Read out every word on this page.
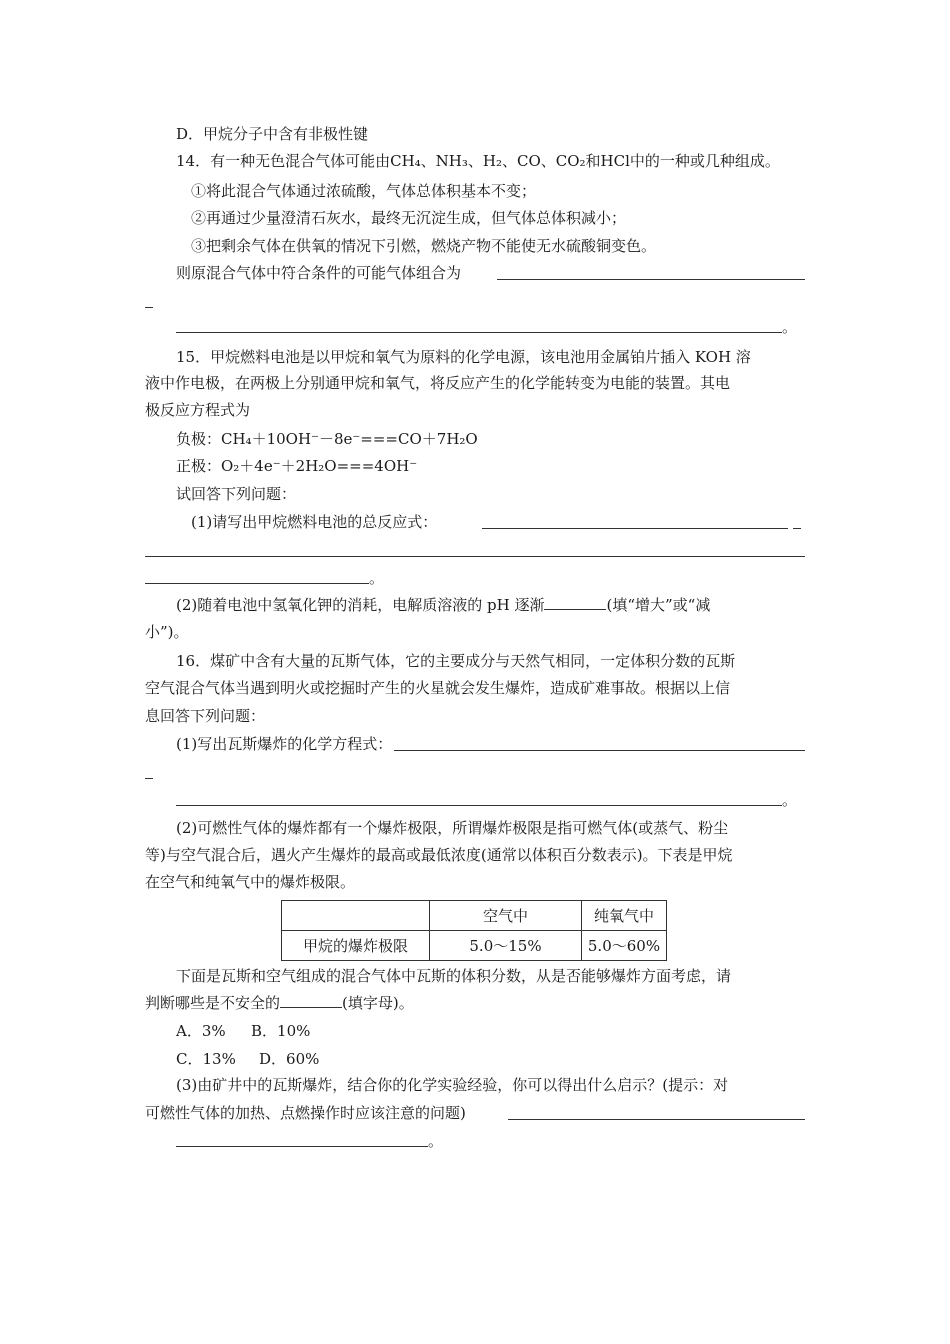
D．甲烷分子中含有非极性键
14．有一种无色混合气体可能由CH₄、NH₃、H₂、CO、CO₂和HCl中的一种或几种组成。
①将此混合气体通过浓硫酸，气体总体积基本不变；
②再通过少量澄清石灰水，最终无沉淀生成，但气体总体积减小；
③把剩余气体在供氧的情况下引燃，燃烧产物不能使无水硫酸铜变色。
则原混合气体中符合条件的可能气体组合为
。
15．甲烷燃料电池是以甲烷和氧气为原料的化学电源，该电池用金属铂片插入 KOH 溶
液中作电极，在两极上分别通甲烷和氧气，将反应产生的化学能转变为电能的装置。其电
极反应方程式为
负极：CH₄＋10OH⁻－8e⁻===CO＋7H₂O
正极：O₂＋4e⁻＋2H₂O===4OH⁻
试回答下列问题：
(1)请写出甲烷燃料电池的总反应式：
。
(2)随着电池中氢氧化钾的消耗，电解质溶液的 pH 逐渐	(填“增大”或“减
小”)。
16．煤矿中含有大量的瓦斯气体，它的主要成分与天然气相同，一定体积分数的瓦斯
空气混合气体当遇到明火或挖掘时产生的火星就会发生爆炸，造成矿难事故。根据以上信
息回答下列问题：
(1)写出瓦斯爆炸的化学方程式：
。
(2)可燃性气体的爆炸都有一个爆炸极限，所谓爆炸极限是指可燃气体(或蒸气、粉尘
等)与空气混合后，遇火产生爆炸的最高或最低浓度(通常以体积百分数表示)。下表是甲烷
在空气和纯氧气中的爆炸极限。
	空气中	纯氧气中
甲烷的爆炸极限	5.0～15%	5.0～60%
下面是瓦斯和空气组成的混合气体中瓦斯的体积分数，从是否能够爆炸方面考虑，请
判断哪些是不安全的	(填字母)。
A．3% B．10%
C．13% D．60%
(3)由矿井中的瓦斯爆炸，结合你的化学实验经验，你可以得出什么启示？(提示：对
可燃性气体的加热、点燃操作时应该注意的问题)
。
